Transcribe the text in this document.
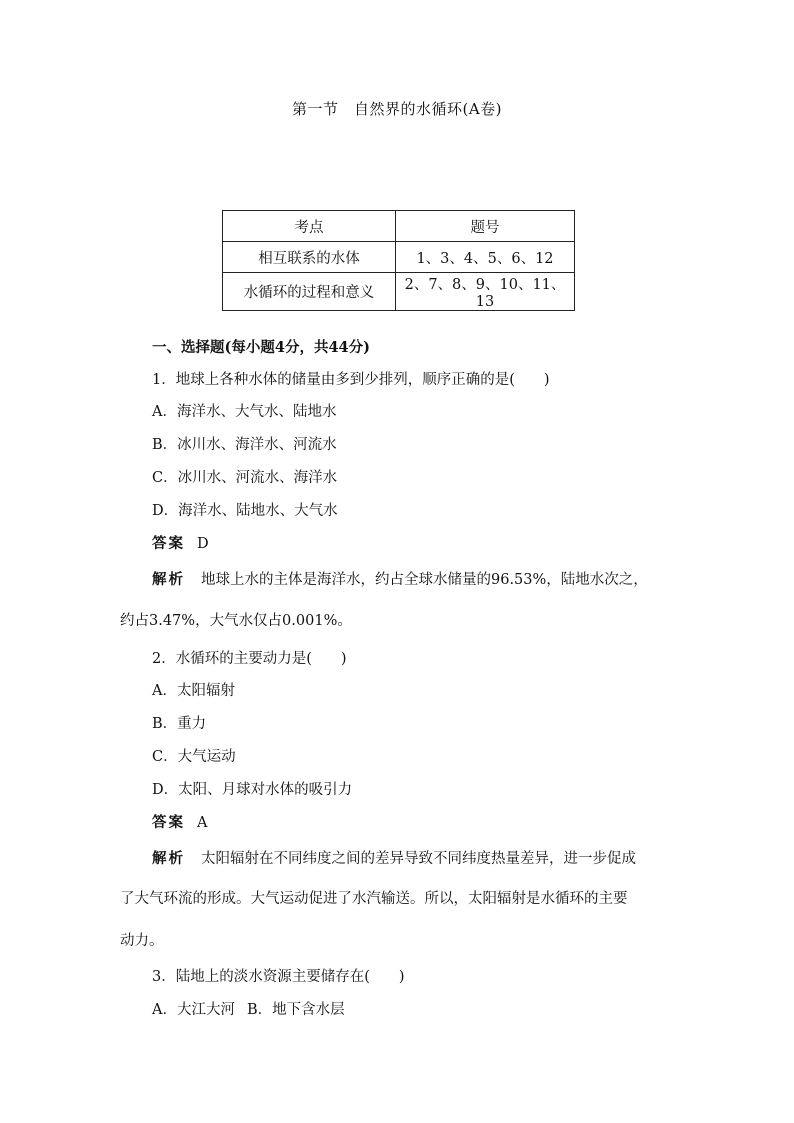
第一节　自然界的水循环(A卷)
考点	题号
相互联系的水体	1、3、4、5、6、12
水循环的过程和意义	2、7、8、9、10、11、13
一、选择题(每小题4分，共44分)
1．地球上各种水体的储量由多到少排列，顺序正确的是(　　)
A．海洋水、大气水、陆地水
B．冰川水、海洋水、河流水
C．冰川水、河流水、海洋水
D．海洋水、陆地水、大气水
答案 D
解析 地球上水的主体是海洋水，约占全球水储量的96.53%，陆地水次之，
约占3.47%，大气水仅占0.001%。
2．水循环的主要动力是(　　)
A．太阳辐射
B．重力
C．大气运动
D．太阳、月球对水体的吸引力
答案 A
解析 太阳辐射在不同纬度之间的差异导致不同纬度热量差异，进一步促成
了大气环流的形成。大气运动促进了水汽输送。所以，太阳辐射是水循环的主要
动力。
3．陆地上的淡水资源主要储存在(　　)
A．大江大河 B．地下含水层
